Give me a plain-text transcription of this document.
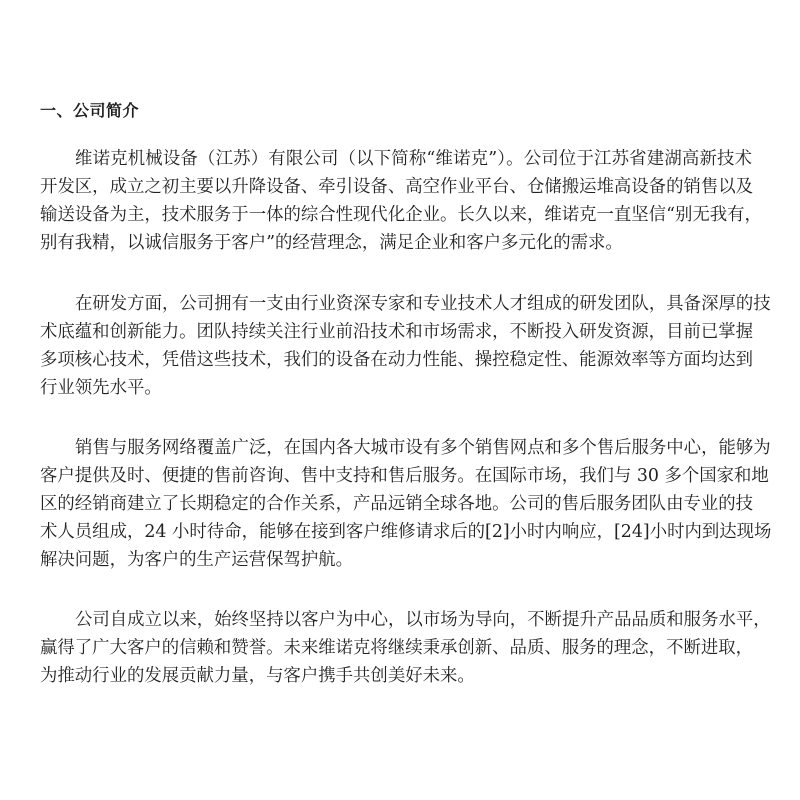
一、公司简介
维诺克机械设备（江苏）有限公司（以下简称“维诺克”）。公司位于江苏省建湖高新技术
开发区，成立之初主要以升降设备、牵引设备、高空作业平台、仓储搬运堆高设备的销售以及
输送设备为主，技术服务于一体的综合性现代化企业。长久以来，维诺克一直坚信“别无我有，
别有我精，以诚信服务于客户”的经营理念，满足企业和客户多元化的需求。
在研发方面，公司拥有一支由行业资深专家和专业技术人才组成的研发团队，具备深厚的技
术底蕴和创新能力。团队持续关注行业前沿技术和市场需求，不断投入研发资源，目前已掌握
多项核心技术，凭借这些技术，我们的设备在动力性能、操控稳定性、能源效率等方面均达到
行业领先水平。
销售与服务网络覆盖广泛，在国内各大城市设有多个销售网点和多个售后服务中心，能够为
客户提供及时、便捷的售前咨询、售中支持和售后服务。在国际市场，我们与 30 多个国家和地
区的经销商建立了长期稳定的合作关系，产品远销全球各地。公司的售后服务团队由专业的技
术人员组成，24 小时待命，能够在接到客户维修请求后的[2]小时内响应，[24]小时内到达现场
解决问题，为客户的生产运营保驾护航。
公司自成立以来，始终坚持以客户为中心，以市场为导向，不断提升产品品质和服务水平，
赢得了广大客户的信赖和赞誉。未来维诺克将继续秉承创新、品质、服务的理念，不断进取，
为推动行业的发展贡献力量，与客户携手共创美好未来。
